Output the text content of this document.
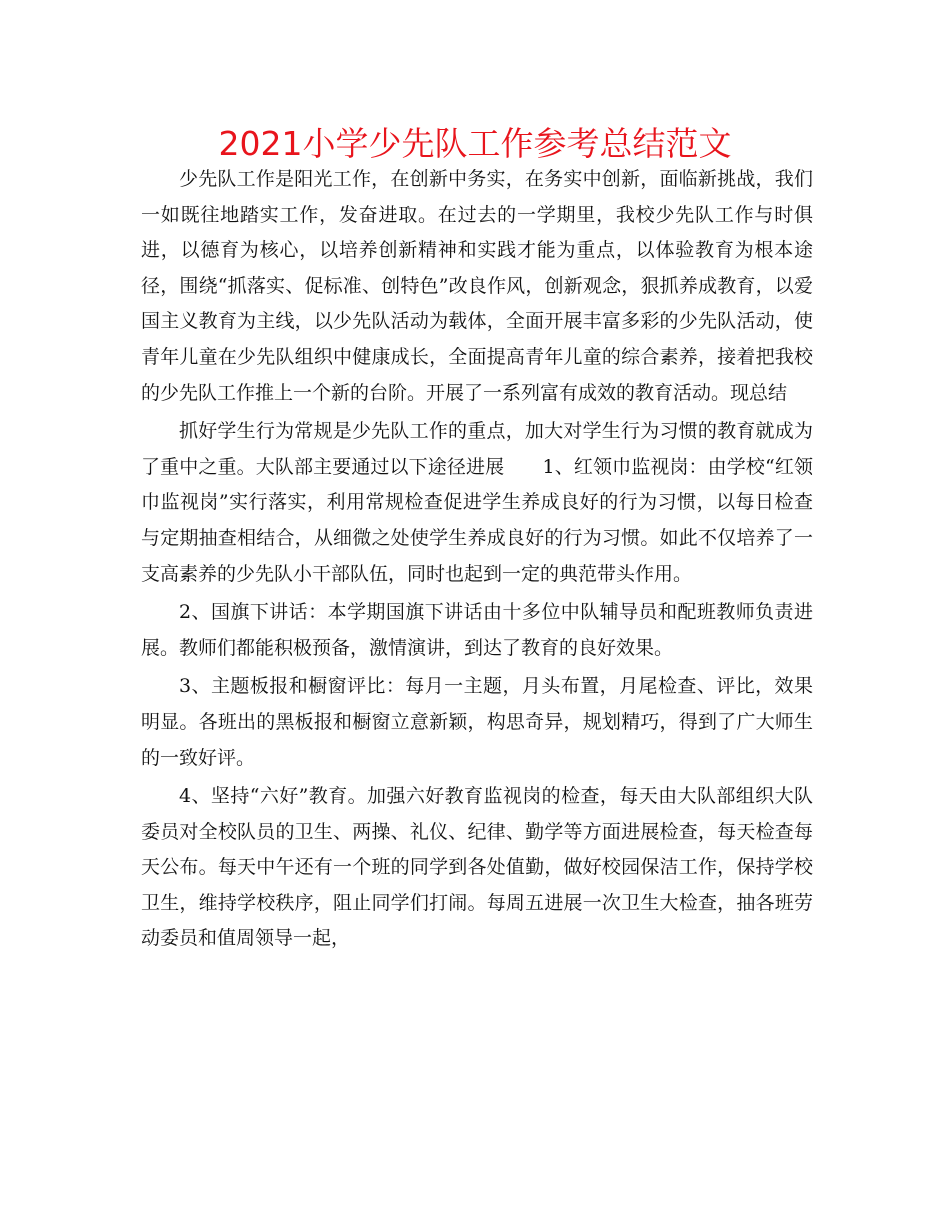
2021小学少先队工作参考总结范文

少先队工作是阳光工作，在创新中务实，在务实中创新，面临新挑战，我们一如既往地踏实工作，发奋进取。在过去的一学期里，我校少先队工作与时俱进，以德育为核心，以培养创新精神和实践才能为重点，以体验教育为根本途径，围绕“抓落实、促标准、创特色”改良作风，创新观念，狠抓养成教育，以爱国主义教育为主线，以少先队活动为载体，全面开展丰富多彩的少先队活动，使青年儿童在少先队组织中健康成长，全面提高青年儿童的综合素养，接着把我校的少先队工作推上一个新的台阶。开展了一系列富有成效的教育活动。现总结

抓好学生行为常规是少先队工作的重点，加大对学生行为习惯的教育就成为了重中之重。大队部主要通过以下途径进展　　1、红领巾监视岗：由学校“红领巾监视岗”实行落实，利用常规检查促进学生养成良好的行为习惯，以每日检查与定期抽查相结合，从细微之处使学生养成良好的行为习惯。如此不仅培养了一支高素养的少先队小干部队伍，同时也起到一定的典范带头作用。

2、国旗下讲话：本学期国旗下讲话由十多位中队辅导员和配班教师负责进展。教师们都能积极预备，激情演讲，到达了教育的良好效果。

3、主题板报和橱窗评比：每月一主题，月头布置，月尾检查、评比，效果明显。各班出的黑板报和橱窗立意新颖，构思奇异，规划精巧，得到了广大师生的一致好评。

4、坚持“六好”教育。加强六好教育监视岗的检查，每天由大队部组织大队委员对全校队员的卫生、两操、礼仪、纪律、勤学等方面进展检查，每天检查每天公布。每天中午还有一个班的同学到各处值勤，做好校园保洁工作，保持学校卫生，维持学校秩序，阻止同学们打闹。每周五进展一次卫生大检查，抽各班劳动委员和值周领导一起，
